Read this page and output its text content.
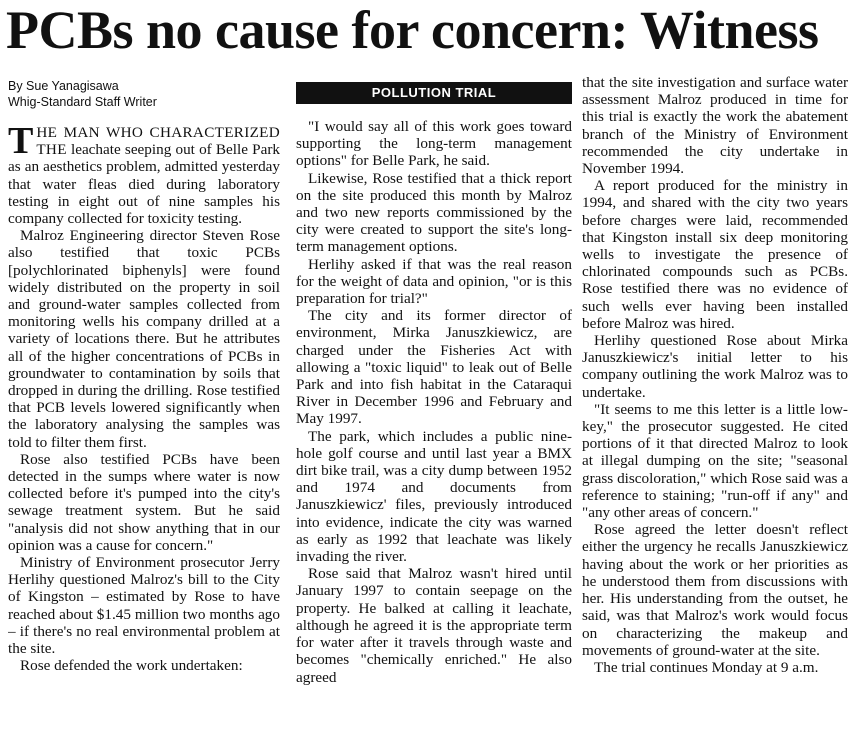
PCBs no cause for concern: Witness
By Sue Yanagisawa
Whig-Standard Staff Writer

THE MAN WHO CHARACTERIZED THE leachate seeping out of Belle Park as an aesthetics problem, admitted yesterday that water fleas died during laboratory testing in eight out of nine samples his company collected for toxicity testing.

Malroz Engineering director Steven Rose also testified that toxic PCBs [polychlorinated biphenyls] were found widely distributed on the property in soil and ground-water samples collected from monitoring wells his company drilled at a variety of locations there. But he attributes all of the higher concentrations of PCBs in groundwater to contamination by soils that dropped in during the drilling. Rose testified that PCB levels lowered significantly when the laboratory analysing the samples was told to filter them first.

Rose also testified PCBs have been detected in the sumps where water is now collected before it's pumped into the city's sewage treatment system. But he said "analysis did not show anything that in our opinion was a cause for concern."

Ministry of Environment prosecutor Jerry Herlihy questioned Malroz's bill to the City of Kingston – estimated by Rose to have reached about $1.45 million two months ago – if there's no real environmental problem at the site.

Rose defended the work undertaken:

POLLUTION TRIAL

"I would say all of this work goes toward supporting the long-term management options" for Belle Park, he said.

Likewise, Rose testified that a thick report on the site produced this month by Malroz and two new reports commissioned by the city were created to support the site's long-term management options.

Herlihy asked if that was the real reason for the weight of data and opinion, "or is this preparation for trial?"

The city and its former director of environment, Mirka Januszkiewicz, are charged under the Fisheries Act with allowing a "toxic liquid" to leak out of Belle Park and into fish habitat in the Cataraqui River in December 1996 and February and May 1997.

The park, which includes a public nine-hole golf course and until last year a BMX dirt bike trail, was a city dump between 1952 and 1974 and documents from Januszkiewicz' files, previously introduced into evidence, indicate the city was warned as early as 1992 that leachate was likely invading the river.

Rose said that Malroz wasn't hired until January 1997 to contain seepage on the property. He balked at calling it leachate, although he agreed it is the appropriate term for water after it travels through waste and becomes "chemically enriched." He also agreed

that the site investigation and surface water assessment Malroz produced in time for this trial is exactly the work the abatement branch of the Ministry of Environment recommended the city undertake in November 1994.

A report produced for the ministry in 1994, and shared with the city two years before charges were laid, recommended that Kingston install six deep monitoring wells to investigate the presence of chlorinated compounds such as PCBs. Rose testified there was no evidence of such wells ever having been installed before Malroz was hired.

Herlihy questioned Rose about Mirka Januszkiewicz's initial letter to his company outlining the work Malroz was to undertake.

"It seems to me this letter is a little low-key," the prosecutor suggested. He cited portions of it that directed Malroz to look at illegal dumping on the site; "seasonal grass discoloration," which Rose said was a reference to staining; "run-off if any" and "any other areas of concern."

Rose agreed the letter doesn't reflect either the urgency he recalls Januszkiewicz having about the work or her priorities as he understood them from discussions with her. His understanding from the outset, he said, was that Malroz's work would focus on characterizing the makeup and movements of ground-water at the site.

The trial continues Monday at 9 a.m.
